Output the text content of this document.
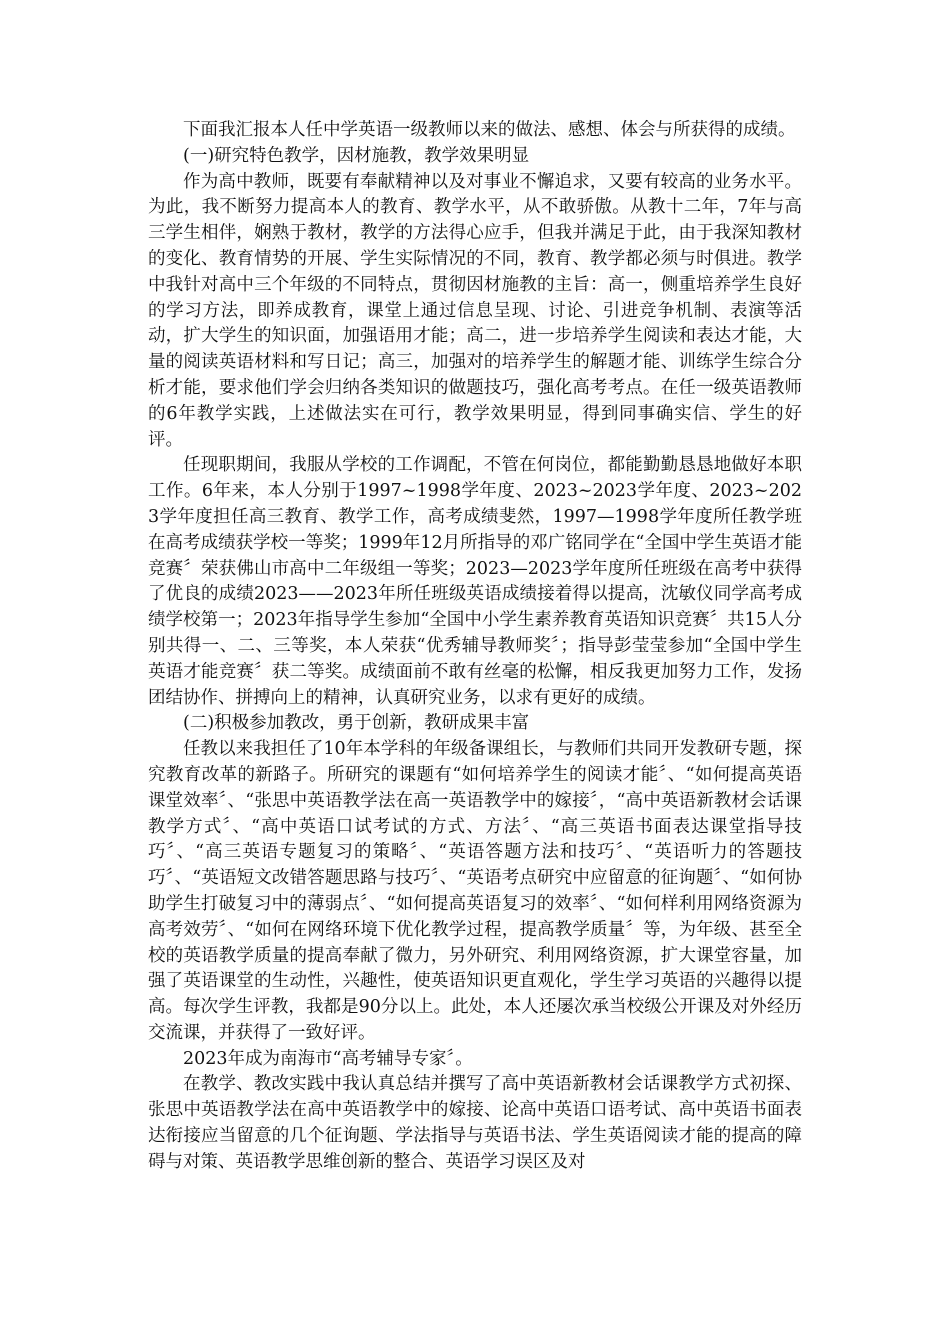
下面我汇报本人任中学英语一级教师以来的做法、感想、体会与所获得的成绩。

(一)研究特色教学，因材施教，教学效果明显

作为高中教师，既要有奉献精神以及对事业不懈追求，又要有较高的业务水平。为此，我不断努力提高本人的教育、教学水平，从不敢骄傲。从教十二年，7年与高三学生相伴，娴熟于教材，教学的方法得心应手，但我并满足于此，由于我深知教材的变化、教育情势的开展、学生实际情况的不同，教育、教学都必须与时俱进。教学中我针对高中三个年级的不同特点，贯彻因材施教的主旨：高一，侧重培养学生良好的学习方法，即养成教育，课堂上通过信息呈现、讨论、引进竞争机制、表演等活动，扩大学生的知识面，加强语用才能；高二，进一步培养学生阅读和表达才能，大量的阅读英语材料和写日记；高三，加强对的培养学生的解题才能、训练学生综合分析才能，要求他们学会归纳各类知识的做题技巧，强化高考考点。在任一级英语教师的6年教学实践，上述做法实在可行，教学效果明显，得到同事确实信、学生的好评。

任现职期间，我服从学校的工作调配，不管在何岗位，都能勤勤恳恳地做好本职工作。6年来，本人分别于1997~1998学年度、2023~2023学年度、2023~2023学年度担任高三教育、教学工作，高考成绩斐然，1997—1998学年度所任教学班在高考成绩获学校一等奖；1999年12月所指导的邓广铭同学在“全国中学生英语才能竞赛〞荣获佛山市高中二年级组一等奖；2023—2023学年度所任班级在高考中获得了优良的成绩2023——2023年所任班级英语成绩接着得以提高，沈敏仪同学高考成绩学校第一；2023年指导学生参加“全国中小学生素养教育英语知识竞赛〞共15人分别共得一、二、三等奖，本人荣获“优秀辅导教师奖〞；指导彭莹莹参加“全国中学生英语才能竞赛〞获二等奖。成绩面前不敢有丝毫的松懈，相反我更加努力工作，发扬团结协作、拼搏向上的精神，认真研究业务，以求有更好的成绩。

(二)积极参加教改，勇于创新，教研成果丰富

任教以来我担任了10年本学科的年级备课组长，与教师们共同开发教研专题，探究教育改革的新路子。所研究的课题有“如何培养学生的阅读才能〞、“如何提高英语课堂效率〞、“张思中英语教学法在高一英语教学中的嫁接〞，“高中英语新教材会话课教学方式〞、“高中英语口试考试的方式、方法〞、“高三英语书面表达课堂指导技巧〞、“高三英语专题复习的策略〞、“英语答题方法和技巧〞、“英语听力的答题技巧〞、“英语短文改错答题思路与技巧〞、“英语考点研究中应留意的征询题〞、“如何协助学生打破复习中的薄弱点〞、“如何提高英语复习的效率〞、“如何样利用网络资源为高考效劳〞、“如何在网络环境下优化教学过程，提高教学质量〞等，为年级、甚至全校的英语教学质量的提高奉献了微力，另外研究、利用网络资源，扩大课堂容量，加强了英语课堂的生动性，兴趣性，使英语知识更直观化，学生学习英语的兴趣得以提高。每次学生评教，我都是90分以上。此处，本人还屡次承当校级公开课及对外经历交流课，并获得了一致好评。

2023年成为南海市“高考辅导专家〞。

在教学、教改实践中我认真总结并撰写了高中英语新教材会话课教学方式初探、张思中英语教学法在高中英语教学中的嫁接、论高中英语口语考试、高中英语书面表达衔接应当留意的几个征询题、学法指导与英语书法、学生英语阅读才能的提高的障碍与对策、英语教学思维创新的整合、英语学习误区及对
